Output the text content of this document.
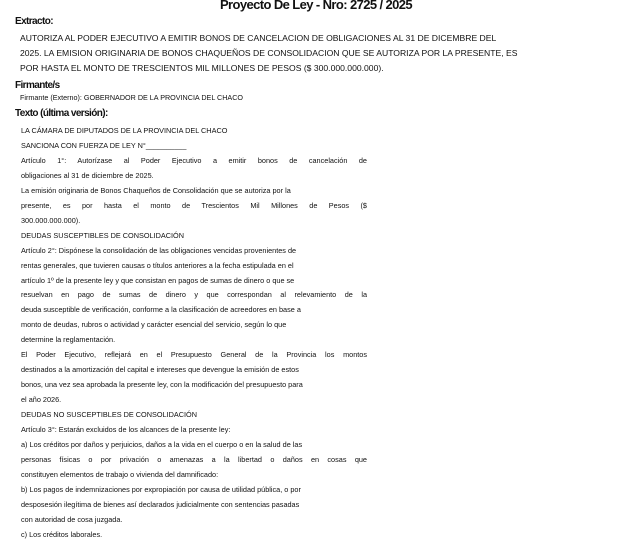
Proyecto De Ley - Nro: 2725 / 2025
Extracto:
AUTORIZA AL PODER EJECUTIVO A EMITIR BONOS DE CANCELACION DE OBLIGACIONES AL 31 DE DICEMBRE DEL
2025. LA EMISION ORIGINARIA DE BONOS CHAQUEÑOS DE CONSOLIDACION QUE SE AUTORIZA POR LA PRESENTE, ES
POR HASTA EL MONTO DE TRESCIENTOS MIL MILLONES DE PESOS ($ 300.000.000.000).
Firmante/s
Firmante (Externo): GOBERNADOR DE LA PROVINCIA DEL CHACO
Texto (última versión):
LA CÁMARA DE DIPUTADOS DE LA PROVINCIA DEL CHACO
SANCIONA CON FUERZA DE LEY N°__________
Artículo 1°: Autorízase al Poder Ejecutivo a emitir bonos de cancelación de
obligaciones al 31 de diciembre de 2025.
La emisión originaria de Bonos Chaqueños de Consolidación que se autoriza por la
presente, es por hasta el monto de Trescientos Mil Millones de Pesos ($
300.000.000.000).
DEUDAS SUSCEPTIBLES DE CONSOLIDACIÓN
Artículo 2°: Dispónese la consolidación de las obligaciones vencidas provenientes de
rentas generales, que tuvieren causas o títulos anteriores a la fecha estipulada en el
artículo 1º de la presente ley y que consistan en pagos de sumas de dinero o que se
resuelvan en pago de sumas de dinero y que correspondan al relevamiento de la
deuda susceptible de verificación, conforme a la clasificación de acreedores en base a
monto de deudas, rubros o actividad y carácter esencial del servicio, según lo que
determine la reglamentación.
El Poder Ejecutivo, reflejará en el Presupuesto General de la Provincia los montos
destinados a la amortización del capital e intereses que devengue la emisión de estos
bonos, una vez sea aprobada la presente ley, con la modificación del presupuesto para
el año 2026.
DEUDAS NO SUSCEPTIBLES DE CONSOLIDACIÓN
Artículo 3°: Estarán excluidos de los alcances de la presente ley:
a) Los créditos por daños y perjuicios, daños a la vida en el cuerpo o en la salud de las
personas físicas o por privación o amenazas a la libertad o daños en cosas que
constituyen elementos de trabajo o vivienda del damnificado:
b) Los pagos de indemnizaciones por expropiación por causa de utilidad pública, o por
desposesión ilegítima de bienes así declarados judicialmente con sentencias pasadas
con autoridad de cosa juzgada.
c) Los créditos laborales.
